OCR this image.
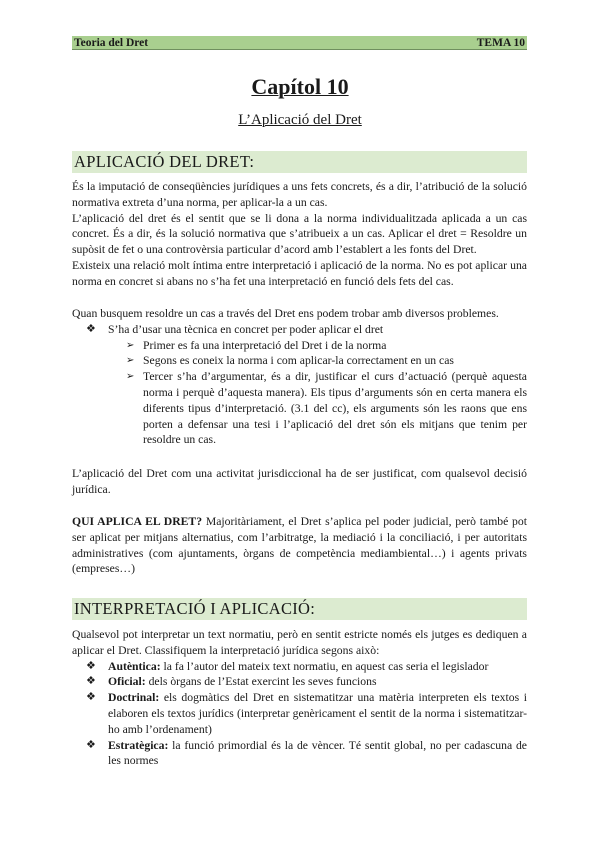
Teoria del Dret	TEMA 10
Capítol 10
L’Aplicació del Dret
APLICACIÓ DEL DRET:

És la imputació de conseqüències jurídiques a uns fets concrets, és a dir, l’atribució de la solució normativa extreta d’una norma, per aplicar-la a un cas.

L’aplicació del dret és el sentit que se li dona a la norma individualitzada aplicada a un cas concret. És a dir, és la solució normativa que s’atribueix a un cas. Aplicar el dret = Resoldre un supòsit de fet o una controvèrsia particular d’acord amb l’establert a les fonts del Dret.

Existeix una relació molt íntima entre interpretació i aplicació de la norma. No es pot aplicar una norma en concret si abans no s’ha fet una interpretació en funció dels fets del cas.

Quan busquem resoldre un cas a través del Dret ens podem trobar amb diversos problemes.

❖ S’ha d’usar una tècnica en concret per poder aplicar el dret
➢ Primer es fa una interpretació del Dret i de la norma
➢ Segons es coneix la norma i com aplicar-la correctament en un cas
➢ Tercer s’ha d’argumentar, és a dir, justificar el curs d’actuació (perquè aquesta norma i perquè d’aquesta manera). Els tipus d’arguments són en certa manera els diferents tipus d’interpretació. (3.1 del cc), els arguments són les raons que ens porten a defensar una tesi i l’aplicació del dret són els mitjans que tenim per resoldre un cas.

L’aplicació del Dret com una activitat jurisdiccional ha de ser justificat, com qualsevol decisió jurídica.

QUI APLICA EL DRET? Majoritàriament, el Dret s’aplica pel poder judicial, però també pot ser aplicat per mitjans alternatius, com l’arbitratge, la mediació i la conciliació, i per autoritats administratives (com ajuntaments, òrgans de competència mediambiental…) i agents privats (empreses…)

INTERPRETACIÓ I APLICACIÓ:

Qualsevol pot interpretar un text normatiu, però en sentit estricte només els jutges es dediquen a aplicar el Dret. Classifiquem la interpretació jurídica segons això:

❖ Autèntica: la fa l’autor del mateix text normatiu, en aquest cas seria el legislador
❖ Oficial: dels òrgans de l’Estat exercint les seves funcions
❖ Doctrinal: els dogmàtics del Dret en sistematitzar una matèria interpreten els textos i elaboren els textos jurídics (interpretar genèricament el sentit de la norma i sistematitzar-ho amb l’ordenament)
❖ Estratègica: la funció primordial és la de vèncer. Té sentit global, no per cadascuna de les normes
